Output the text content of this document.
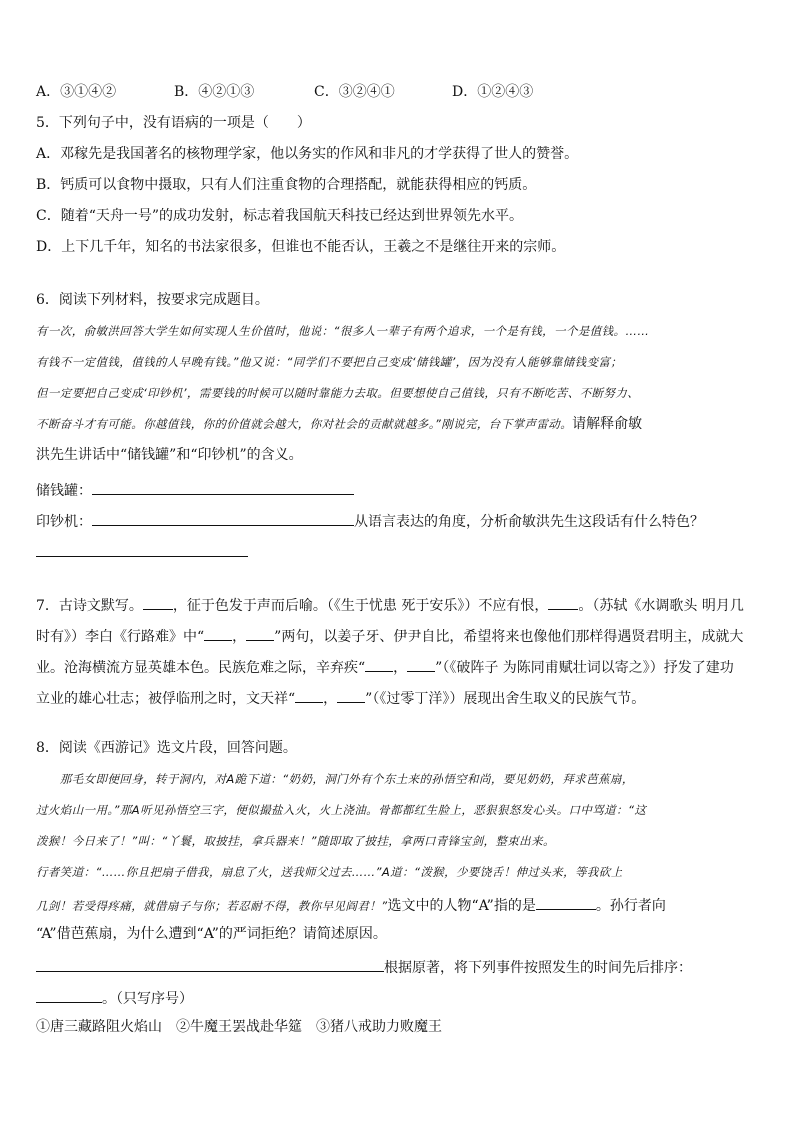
A．③①④②	B．④②①③	C．③②④①	D．①②④③
5．下列句子中，没有语病的一项是（　　）
A．邓稼先是我国著名的核物理学家，他以务实的作风和非凡的才学获得了世人的赞誉。
B．钙质可以食物中摄取，只有人们注重食物的合理搭配，就能获得相应的钙质。
C．随着“天舟一号”的成功发射，标志着我国航天科技已经达到世界领先水平。
D．上下几千年，知名的书法家很多，但谁也不能否认，王羲之不是继往开来的宗师。
6．阅读下列材料，按要求完成题目。
有一次，俞敏洪回答大学生如何实现人生价值时，他说：“很多人一辈子有两个追求，一个是有钱，一个是值钱。……
有钱不一定值钱，值钱的人早晚有钱。”他又说：“同学们不要把自己变成‘储钱罐’，因为没有人能够靠储钱变富；
但一定要把自己变成‘印钞机’，需要钱的时候可以随时靠能力去取。但要想使自己值钱，只有不断吃苦、不断努力、
不断奋斗才有可能。你越值钱，你的价值就会越大，你对社会的贡献就越多。”刚说完，台下掌声雷动。请解释俞敏
洪先生讲话中“储钱罐”和“印钞机”的含义。
储钱罐：
印钞机：	从语言表达的角度，分析俞敏洪先生这段话有什么特色？
7．古诗文默写。 ，征于色发于声而后喻。（《生于忧患 死于安乐》）不应有恨， 。（苏轼《水调歌头 明月几
时有》）李白《行路难》中“ ， ”两句，以姜子牙、伊尹自比，希望将来也像他们那样得遇贤君明主，成就大
业。沧海横流方显英雄本色。民族危难之际，辛弃疾“ ， ”（《破阵子 为陈同甫赋壮词以寄之》）抒发了建功
立业的雄心壮志；被俘临刑之时，文天祥“ ， ”（《过零丁洋》）展现出舍生取义的民族气节。
8．阅读《西游记》选文片段，回答问题。
　　那毛女即便回身，转于洞内，对A跪下道：“奶奶，洞门外有个东土来的孙悟空和尚，要见奶奶，拜求芭蕉扇，
过火焰山一用。”那A听见孙悟空三字，便似撮盐入火，火上浇油。骨都都红生脸上，恶狠狠怒发心头。口中骂道：“这
泼猴！今日来了！”叫：“丫鬟，取披挂，拿兵器来！”随即取了披挂，拿两口青锋宝剑，整束出来。
行者笑道：“……你且把扇子借我，扇息了火，送我师父过去……”A道：“泼猴，少要饶舌！伸过头来，等我砍上
几剑！若受得疼痛，就借扇子与你；若忍耐不得，教你早见阎君！”选文中的人物“A”指的是	。孙行者向
“A”借芭蕉扇，为什么遭到“A”的严词拒绝？请简述原因。
根据原著，将下列事件按照发生的时间先后排序：
。（只写序号）
①唐三藏路阻火焰山　②牛魔王罢战赴华筵　③猪八戒助力败魔王
